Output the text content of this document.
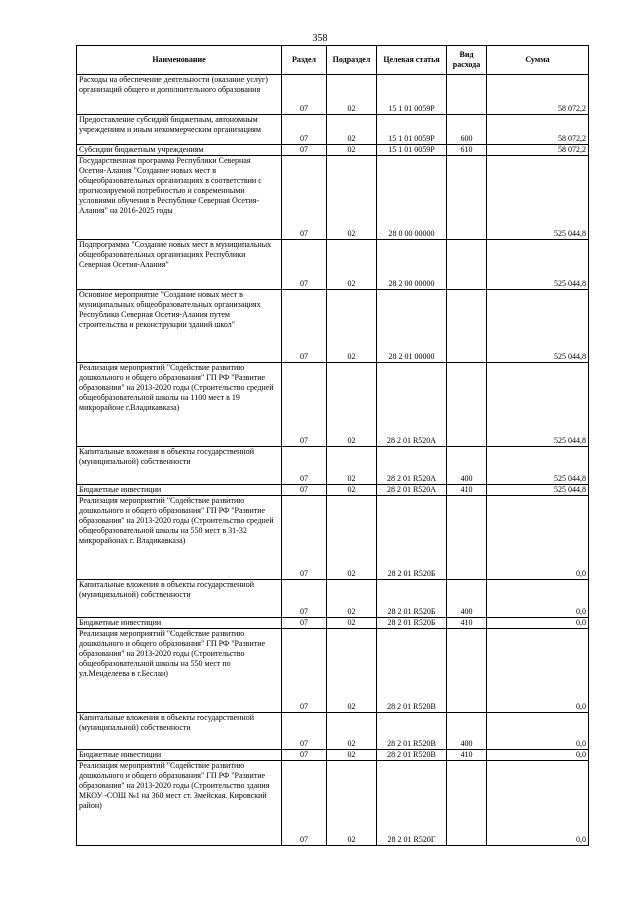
358
Наименование	Раздел	Подраздел	Целевая статья	Вид расхода	Сумма
Расходы на обеспечение деятельности (оказание услуг) организаций общего и дополнительного образования	07	02	15 1 01 0059P		58 072,2
Предоставление субсидий бюджетным, автономным учреждениям и иным некоммерческим организациям	07	02	15 1 01 0059P	600	58 072,2
Субсидии бюджетным учреждениям	07	02	15 1 01 0059P	610	58 072,2
Государственная программа Республики Северная Осетия-Алания "Создание новых мест в общеобразовательных организациях в соответствии с прогнозируемой потребностью и современными условиями обучения в Республике Северная Осетия-Алания" на 2016-2025 годы	07	02	28 0 00 00000		525 044,8
Подпрограмма "Создание новых мест в муниципальных общеобразовательных организациях Республики Северная Осетия-Алания"	07	02	28 2 00 00000		525 044,8
Основное мероприятие "Создание новых мест в муниципальных общеобразовательных организациях Республики Северная Осетия-Алания путем строительства и реконструкции зданий школ"	07	02	28 2 01 00000		525 044,8
Реализация мероприятий "Содействие развитию дошкольного и общего образования" ГП РФ "Развитие образования" на 2013-2020 годы (Строительство средней общеобразовательной школы на 1100 мест в 19 микрорайоне г.Владикавказа)	07	02	28 2 01 R520A		525 044,8
Капитальные вложения в объекты государственной (муниципальной) собственности	07	02	28 2 01 R520A	400	525 044,8
Бюджетные инвестиции	07	02	28 2 01 R520A	410	525 044,8
Реализация мероприятий "Содействие развитию дошкольного и общего образования" ГП РФ "Развитие образования" на 2013-2020 годы (Строительство средней общеобразовательной школы на 550 мест в 31-32 микрорайонах г. Владикавказа)	07	02	28 2 01 R520Б		0,0
Капитальные вложения в объекты государственной (муниципальной) собственности	07	02	28 2 01 R520Б	400	0,0
Бюджетные инвестиции	07	02	28 2 01 R520Б	410	0,0
Реализация мероприятий "Содействие развитию дошкольного и общего образования" ГП РФ "Развитие образования" на 2013-2020 годы (Строительство общеобразовательной школы на 550 мест по ул.Менделеева в г.Беслан)	07	02	28 2 01 R520В		0,0
Капитальные вложения в объекты государственной (муниципальной) собственности	07	02	28 2 01 R520В	400	0,0
Бюджетные инвестиции	07	02	28 2 01 R520В	410	0,0
Реализация мероприятий "Содействие развитию дошкольного и общего образования" ГП РФ "Развитие образования" на 2013-2020 годы (Строительство здания МКОУ -СОШ №1 на 360 мест ст. Змейская. Кировский район)	07	02	28 2 01 R520Г		0,0
